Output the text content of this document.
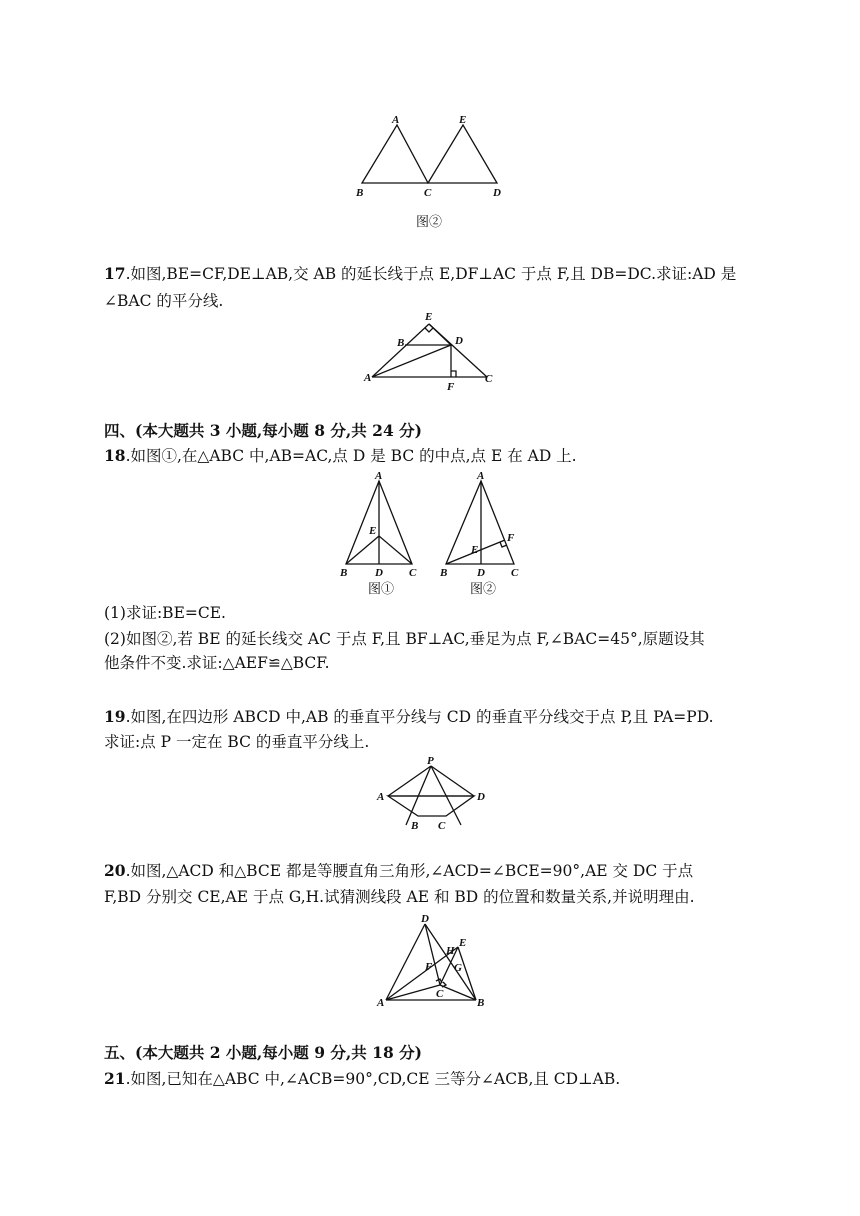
A	E
B	C	D
图②
17.如图,BE=CF,DE⊥AB,交 AB 的延长线于点 E,DF⊥AC 于点 F,且 DB=DC.求证:AD 是
∠BAC 的平分线.
E
B	D
A
F
C
四、(本大题共 3 小题,每小题 8 分,共 24 分)
18.如图①,在△ABC 中,AB=AC,点 D 是 BC 的中点,点 E 在 AD 上.
A
E
B	D C
图①
A
F
E
B	D C
图②
(1)求证:BE=CE.
(2)如图②,若 BE 的延长线交 AC 于点 F,且 BF⊥AC,垂足为点 F,∠BAC=45°,原题设其
他条件不变.求证:△AEF≌△BCF.
19.如图,在四边形 ABCD 中,AB 的垂直平分线与 CD 的垂直平分线交于点 P,且 PA=PD.
求证:点 P 一定在 BC 的垂直平分线上.
P
A	D
B C
20.如图,△ACD 和△BCE 都是等腰直角三角形,∠ACD=∠BCE=90°,AE 交 DC 于点
F,BD 分别交 CE,AE 于点 G,H.试猜测线段 AE 和 BD 的位置和数量关系,并说明理由.
D
H
E
F G
C
A	B
五、(本大题共 2 小题,每小题 9 分,共 18 分)
21.如图,已知在△ABC 中,∠ACB=90°,CD,CE 三等分∠ACB,且 CD⊥AB.
